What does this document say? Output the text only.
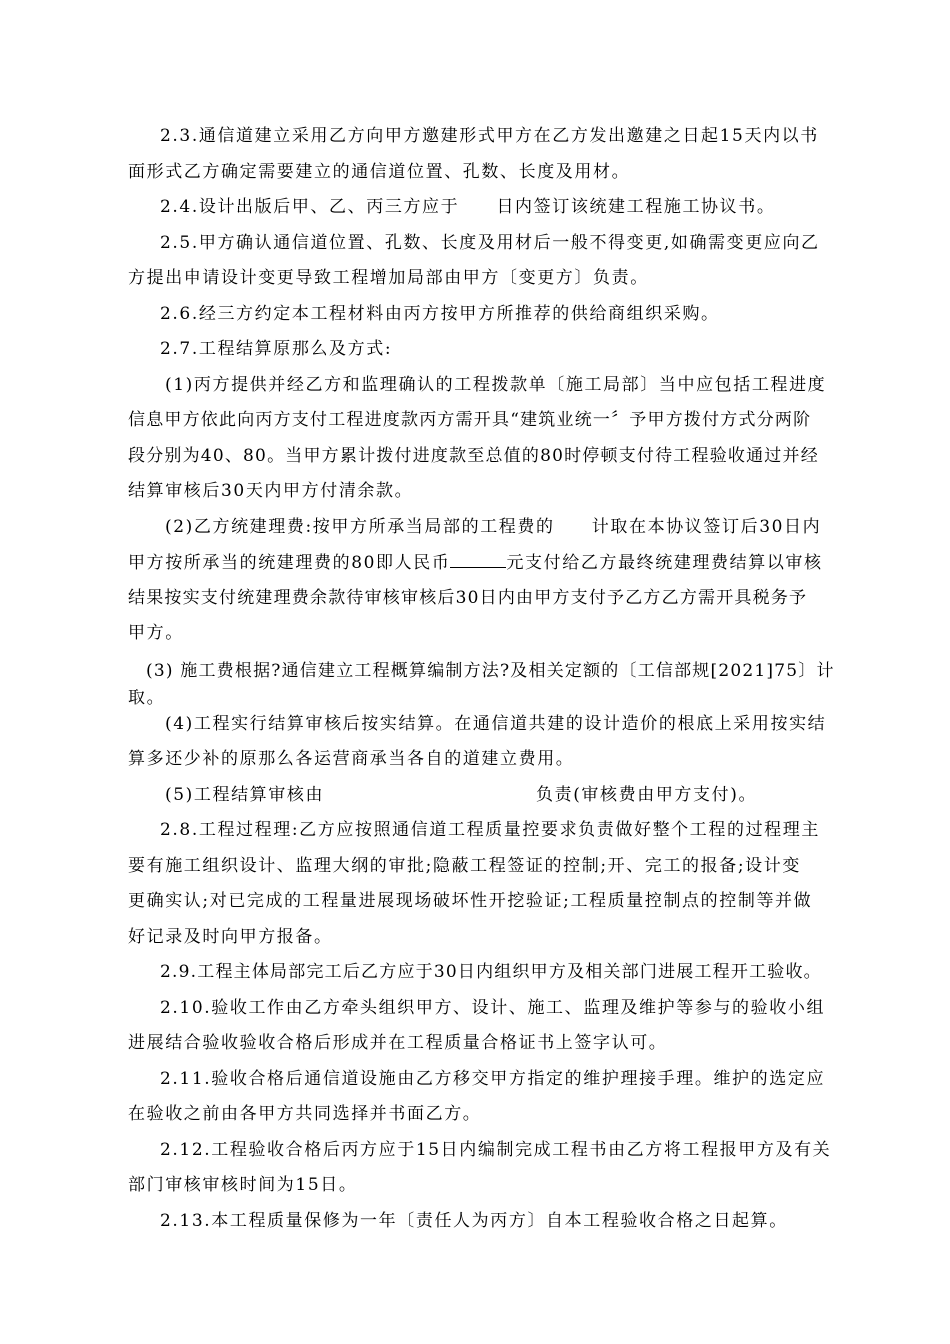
2.3.通信道建立采用乙方向甲方邀建形式甲方在乙方发出邀建之日起15天内以书
面形式乙方确定需要建立的通信道位置、孔数、长度及用材。
2.4.设计出版后甲、乙、丙三方应于　　日内签订该统建工程施工协议书。
2.5.甲方确认通信道位置、孔数、长度及用材后一般不得变更,如确需变更应向乙
方提出申请设计变更导致工程增加局部由甲方〔变更方〕负责。
2.6.经三方约定本工程材料由丙方按甲方所推荐的供给商组织采购。
2.7.工程结算原那么及方式:
(1)丙方提供并经乙方和监理确认的工程拨款单〔施工局部〕当中应包括工程进度
信息甲方依此向丙方支付工程进度款丙方需开具“建筑业统一〞予甲方拨付方式分两阶
段分别为40、80。当甲方累计拨付进度款至总值的80时停顿支付待工程验收通过并经
结算审核后30天内甲方付清余款。
(2)乙方统建理费:按甲方所承当局部的工程费的　　计取在本协议签订后30日内
甲方按所承当的统建理费的80即人民币	元支付给乙方最终统建理费结算以审核
结果按实支付统建理费余款待审核审核后30日内由甲方支付予乙方乙方需开具税务予
甲方。
(3) 施工费根据?通信建立工程概算编制方法?及相关定额的〔工信部规[2021]75〕计
取。
(4)工程实行结算审核后按实结算。在通信道共建的设计造价的根底上采用按实结
算多还少补的原那么各运营商承当各自的道建立费用。
(5)工程结算审核由	负责(审核费由甲方支付)。
2.8.工程过程理:乙方应按照通信道工程质量控要求负责做好整个工程的过程理主
要有施工组织设计、监理大纲的审批;隐蔽工程签证的控制;开、完工的报备;设计变
更确实认;对已完成的工程量进展现场破坏性开挖验证;工程质量控制点的控制等并做
好记录及时向甲方报备。
2.9.工程主体局部完工后乙方应于30日内组织甲方及相关部门进展工程开工验收。
2.10.验收工作由乙方牵头组织甲方、设计、施工、监理及维护等参与的验收小组
进展结合验收验收合格后形成并在工程质量合格证书上签字认可。
2.11.验收合格后通信道设施由乙方移交甲方指定的维护理接手理。维护的选定应
在验收之前由各甲方共同选择并书面乙方。
2.12.工程验收合格后丙方应于15日内编制完成工程书由乙方将工程报甲方及有关
部门审核审核时间为15日。
2.13.本工程质量保修为一年〔责任人为丙方〕自本工程验收合格之日起算。
